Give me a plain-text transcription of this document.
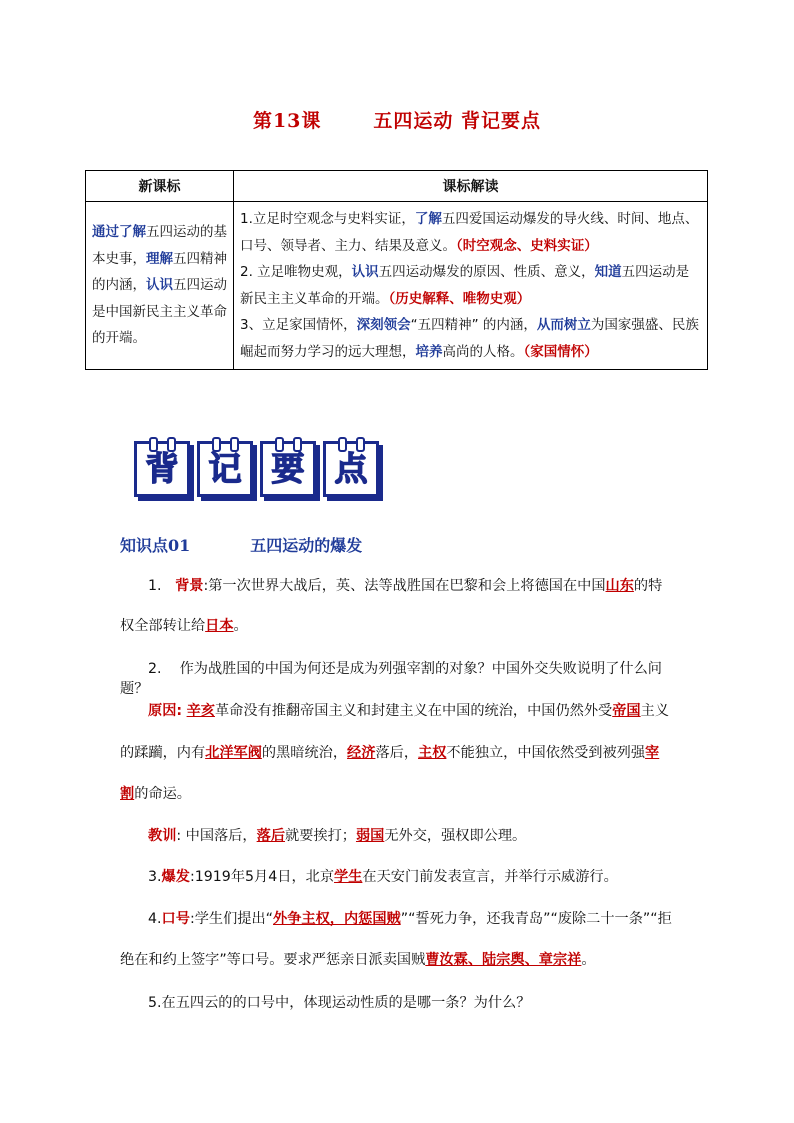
第13课	五四运动 背记要点
新课标	课标解读
通过了解五四运动的基本史事，理解五四精神的内涵，认识五四运动是中国新民主主义革命的开端。	1.立足时空观念与史料实证，了解五四爱国运动爆发的导火线、时间、地点、口号、领导者、主力、结果及意义。（时空观念、史料实证）
2. 立足唯物史观，认识五四运动爆发的原因、性质、意义，知道五四运动是新民主主义革命的开端。（历史解释、唯物史观）
3、立足家国情怀，深刻领会“五四精神” 的内涵，从而树立为国家强盛、民族崛起而努力学习的远大理想，培养高尚的人格。（家国情怀）
背 记 要 点
知识点01	五四运动的爆发
1. 背景:第一次世界大战后，英、法等战胜国在巴黎和会上将德国在中国山东的特
权全部转让给日本。
2. 作为战胜国的中国为何还是成为列强宰割的对象？中国外交失败说明了什么问题？
原因: 辛亥革命没有推翻帝国主义和封建主义在中国的统治，中国仍然外受帝国主义
的蹂躏，内有北洋军阀的黑暗统治，经济落后，主权不能独立，中国依然受到被列强宰
割的命运。
教训: 中国落后，落后就要挨打；弱国无外交，强权即公理。
3.爆发:1919年5月4日，北京学生在天安门前发表宣言，并举行示威游行。
4.口号:学生们提出“外争主权，内惩国贼”“誓死力争，还我青岛”“废除二十一条”“拒
绝在和约上签字”等口号。要求严惩亲日派卖国贼曹汝霖、陆宗舆、章宗祥。
5.在五四云的的口号中，体现运动性质的是哪一条？为什么？
